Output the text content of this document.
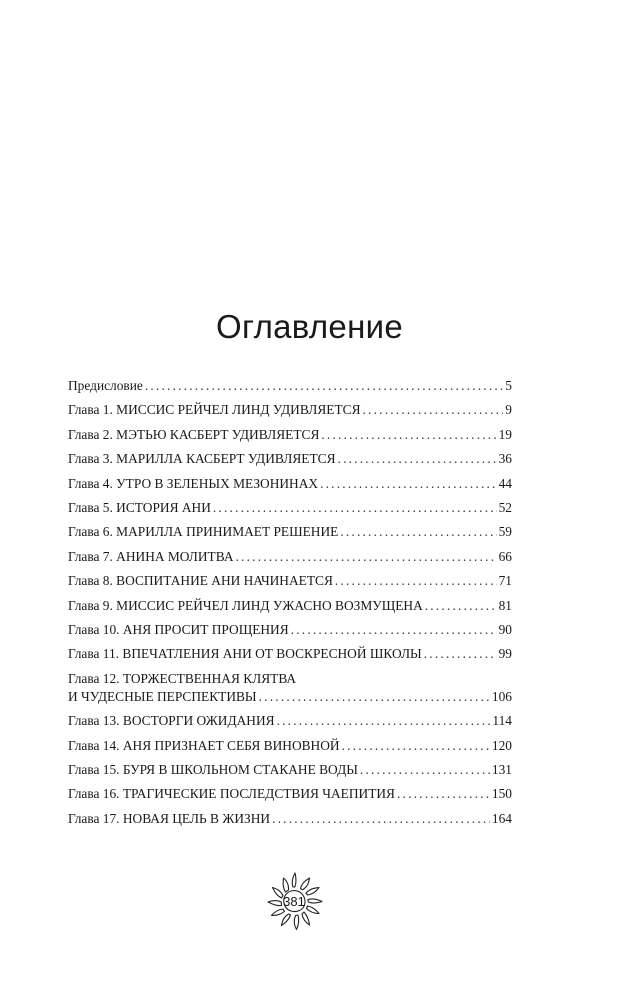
Оглавление
Предисловие .....	5
Глава 1. МИССИС РЕЙЧЕЛ ЛИНД УДИВЛЯЕТСЯ .....	9
Глава 2. МЭТЬЮ КАСБЕРТ УДИВЛЯЕТСЯ .....	19
Глава 3. МАРИЛЛА КАСБЕРТ УДИВЛЯЕТСЯ .....	36
Глава 4. УТРО В ЗЕЛЕНЫХ МЕЗОНИНАХ .....	44
Глава 5. ИСТОРИЯ АНИ .....	52
Глава 6. МАРИЛЛА ПРИНИМАЕТ РЕШЕНИЕ .....	59
Глава 7. АНИНА МОЛИТВА .....	66
Глава 8. ВОСПИТАНИЕ АНИ НАЧИНАЕТСЯ .....	71
Глава 9. МИССИС РЕЙЧЕЛ ЛИНД УЖАСНО ВОЗМУЩЕНА .....	81
Глава 10. АНЯ ПРОСИТ ПРОЩЕНИЯ .....	90
Глава 11. ВПЕЧАТЛЕНИЯ АНИ ОТ ВОСКРЕСНОЙ ШКОЛЫ .....	99
Глава 12. ТОРЖЕСТВЕННАЯ КЛЯТВА
И ЧУДЕСНЫЕ ПЕРСПЕКТИВЫ .....	106
Глава 13. ВОСТОРГИ ОЖИДАНИЯ .....	114
Глава 14. АНЯ ПРИЗНАЕТ СЕБЯ ВИНОВНОЙ .....	120
Глава 15. БУРЯ В ШКОЛЬНОМ СТАКАНЕ ВОДЫ .....	131
Глава 16. ТРАГИЧЕСКИЕ ПОСЛЕДСТВИЯ ЧАЕПИТИЯ .....	150
Глава 17. НОВАЯ ЦЕЛЬ В ЖИЗНИ .....	164
381
